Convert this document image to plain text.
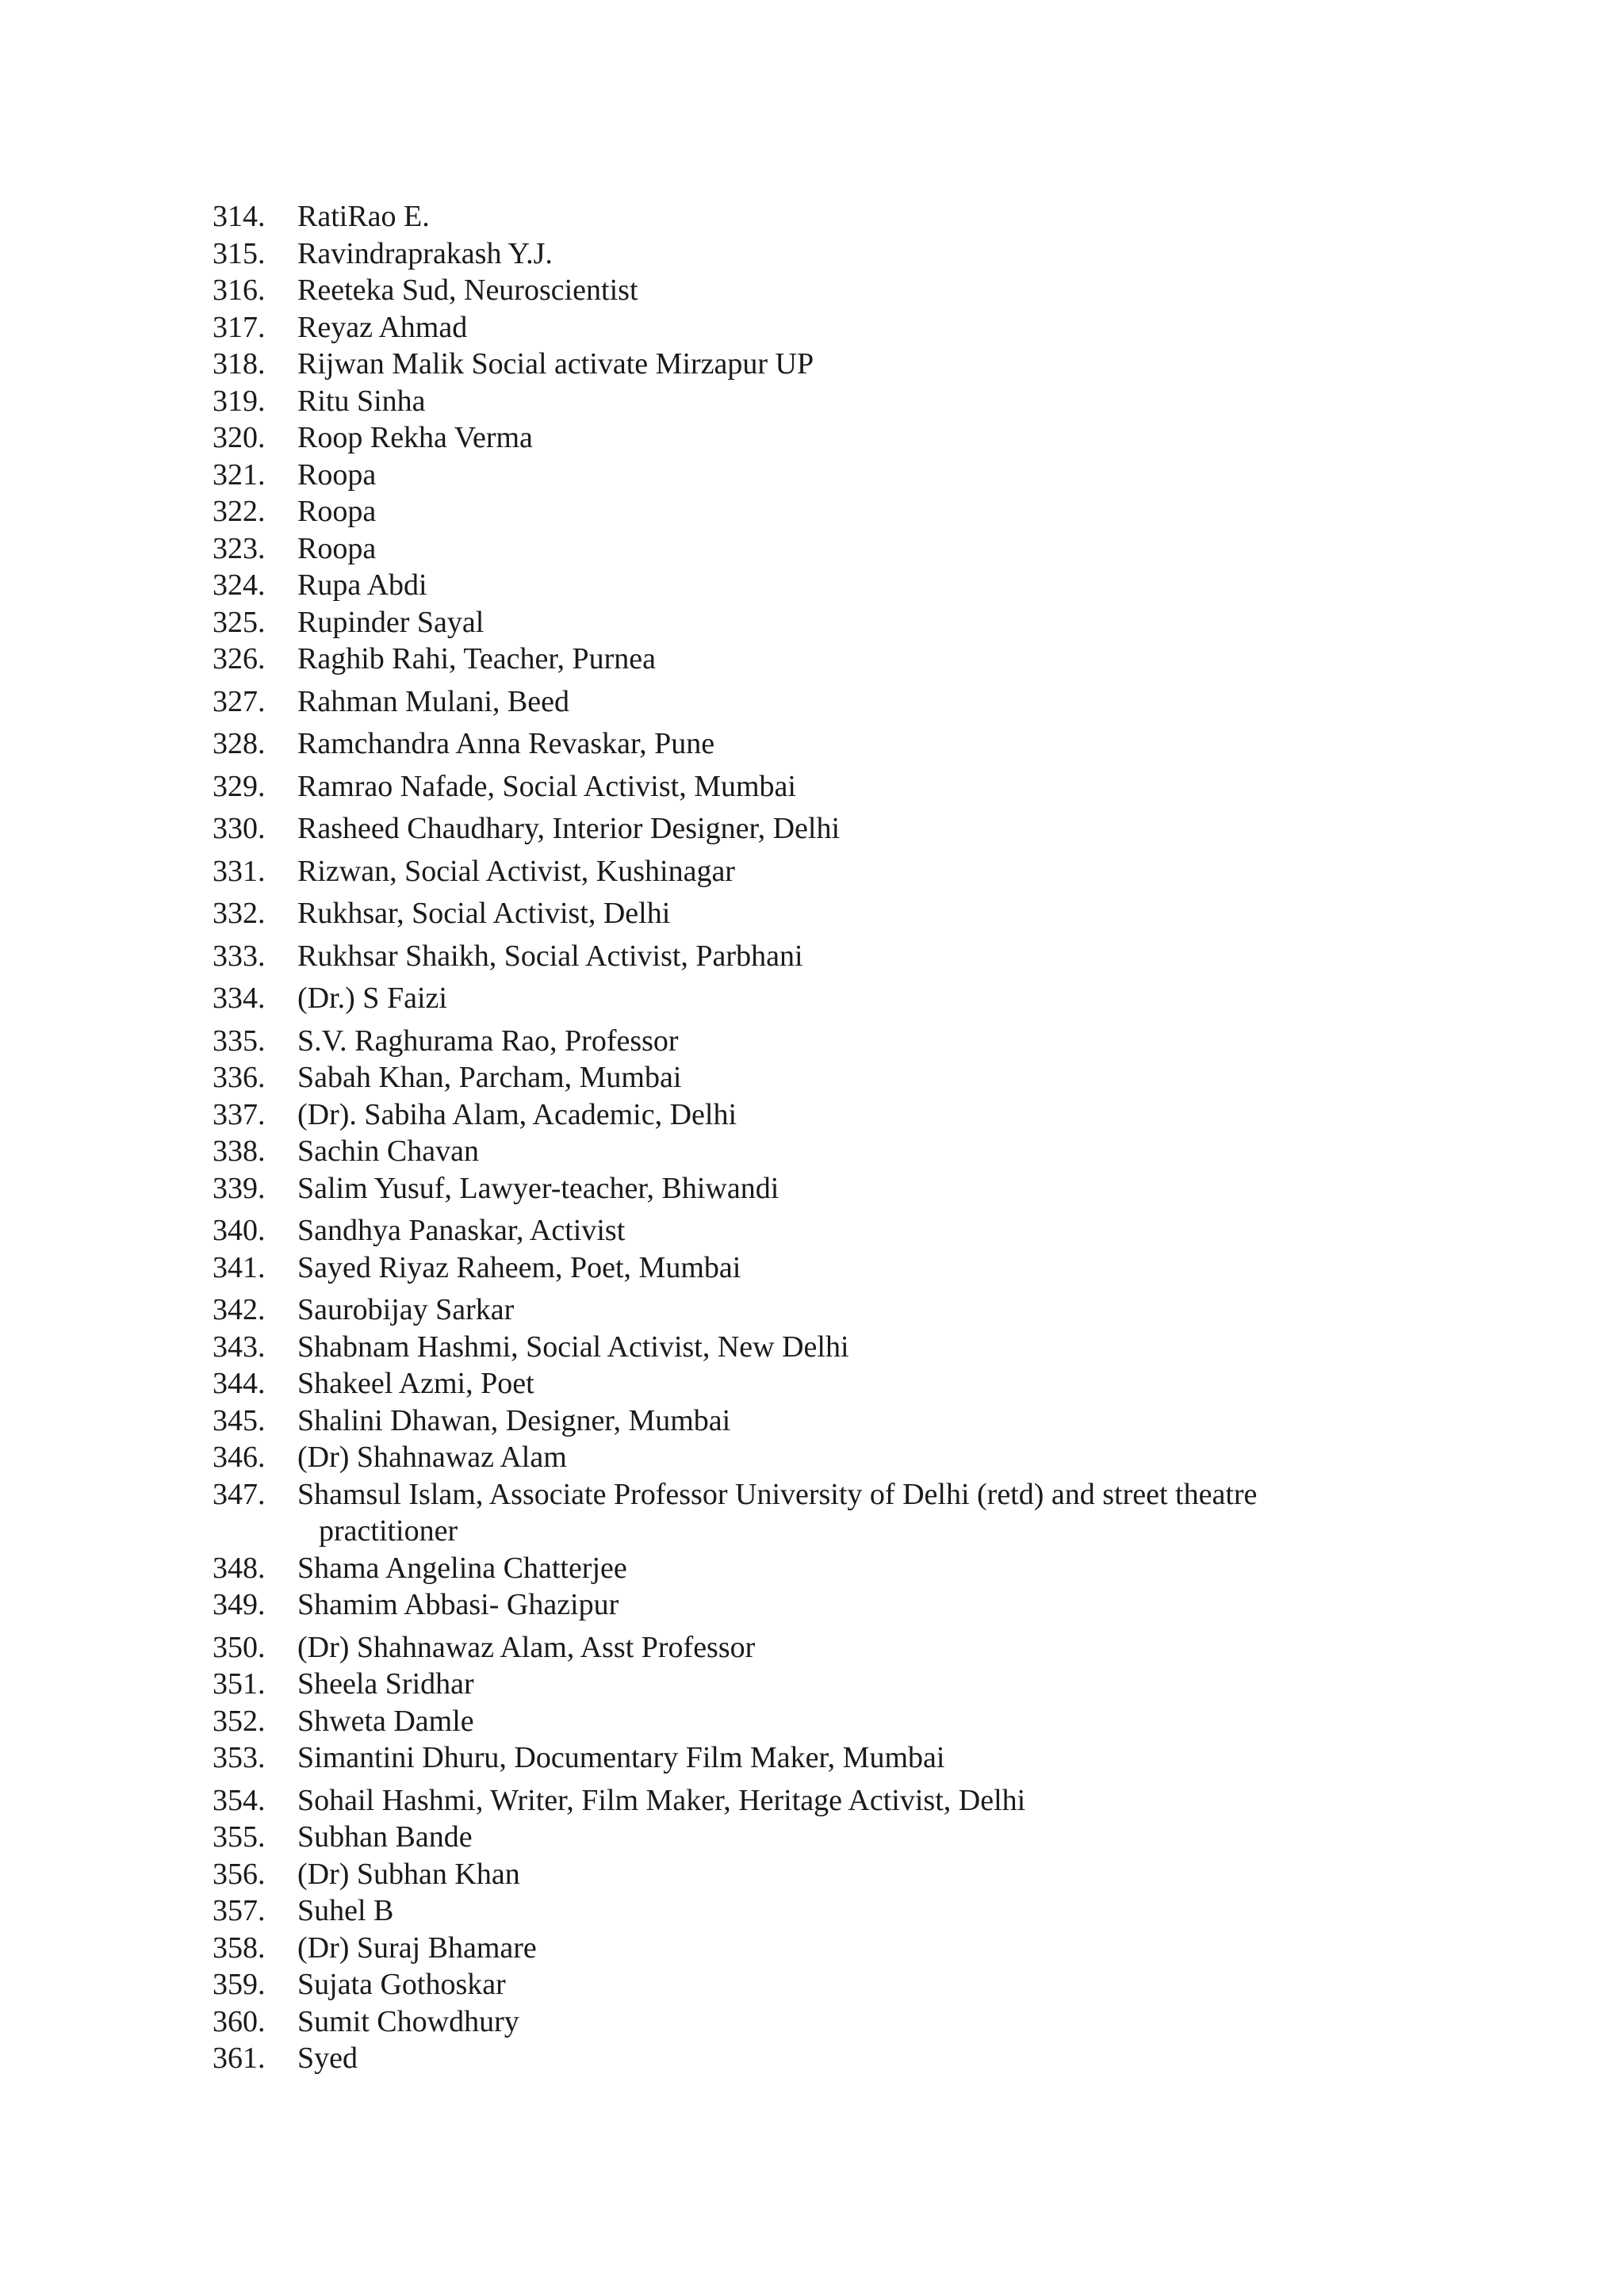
314.	RatiRao E.
315.	Ravindraprakash Y.J.
316.	Reeteka Sud, Neuroscientist
317.	Reyaz Ahmad
318.	Rijwan Malik Social activate Mirzapur UP
319.	Ritu Sinha
320.	Roop Rekha Verma
321.	Roopa
322.	Roopa
323.	Roopa
324.	Rupa Abdi
325.	Rupinder Sayal
326.	Raghib Rahi, Teacher, Purnea
327.	Rahman Mulani, Beed
328.	Ramchandra Anna Revaskar, Pune
329.	Ramrao Nafade, Social Activist, Mumbai
330.	Rasheed Chaudhary, Interior Designer, Delhi
331.	Rizwan, Social Activist, Kushinagar
332.	Rukhsar, Social Activist, Delhi
333.	Rukhsar Shaikh, Social Activist, Parbhani
334.	(Dr.) S Faizi
335.	S.V. Raghurama Rao, Professor
336.	Sabah Khan, Parcham, Mumbai
337.	(Dr). Sabiha Alam, Academic, Delhi
338.	Sachin Chavan
339.	Salim Yusuf, Lawyer-teacher, Bhiwandi
340.	Sandhya Panaskar, Activist
341.	Sayed Riyaz Raheem, Poet, Mumbai
342.	Saurobijay Sarkar
343.	Shabnam Hashmi, Social Activist, New Delhi
344.	Shakeel Azmi, Poet
345.	Shalini Dhawan, Designer, Mumbai
346.	(Dr) Shahnawaz Alam
347.	Shamsul Islam, Associate Professor University of Delhi (retd) and street theatre
practitioner
348.	Shama Angelina Chatterjee
349.	Shamim Abbasi- Ghazipur
350.	(Dr) Shahnawaz Alam, Asst Professor
351.	Sheela Sridhar
352.	Shweta Damle
353.	Simantini Dhuru, Documentary Film Maker, Mumbai
354.	Sohail Hashmi, Writer, Film Maker, Heritage Activist, Delhi
355.	Subhan Bande
356.	(Dr) Subhan Khan
357.	Suhel B
358.	(Dr) Suraj Bhamare
359.	Sujata Gothoskar
360.	Sumit Chowdhury
361.	Syed
